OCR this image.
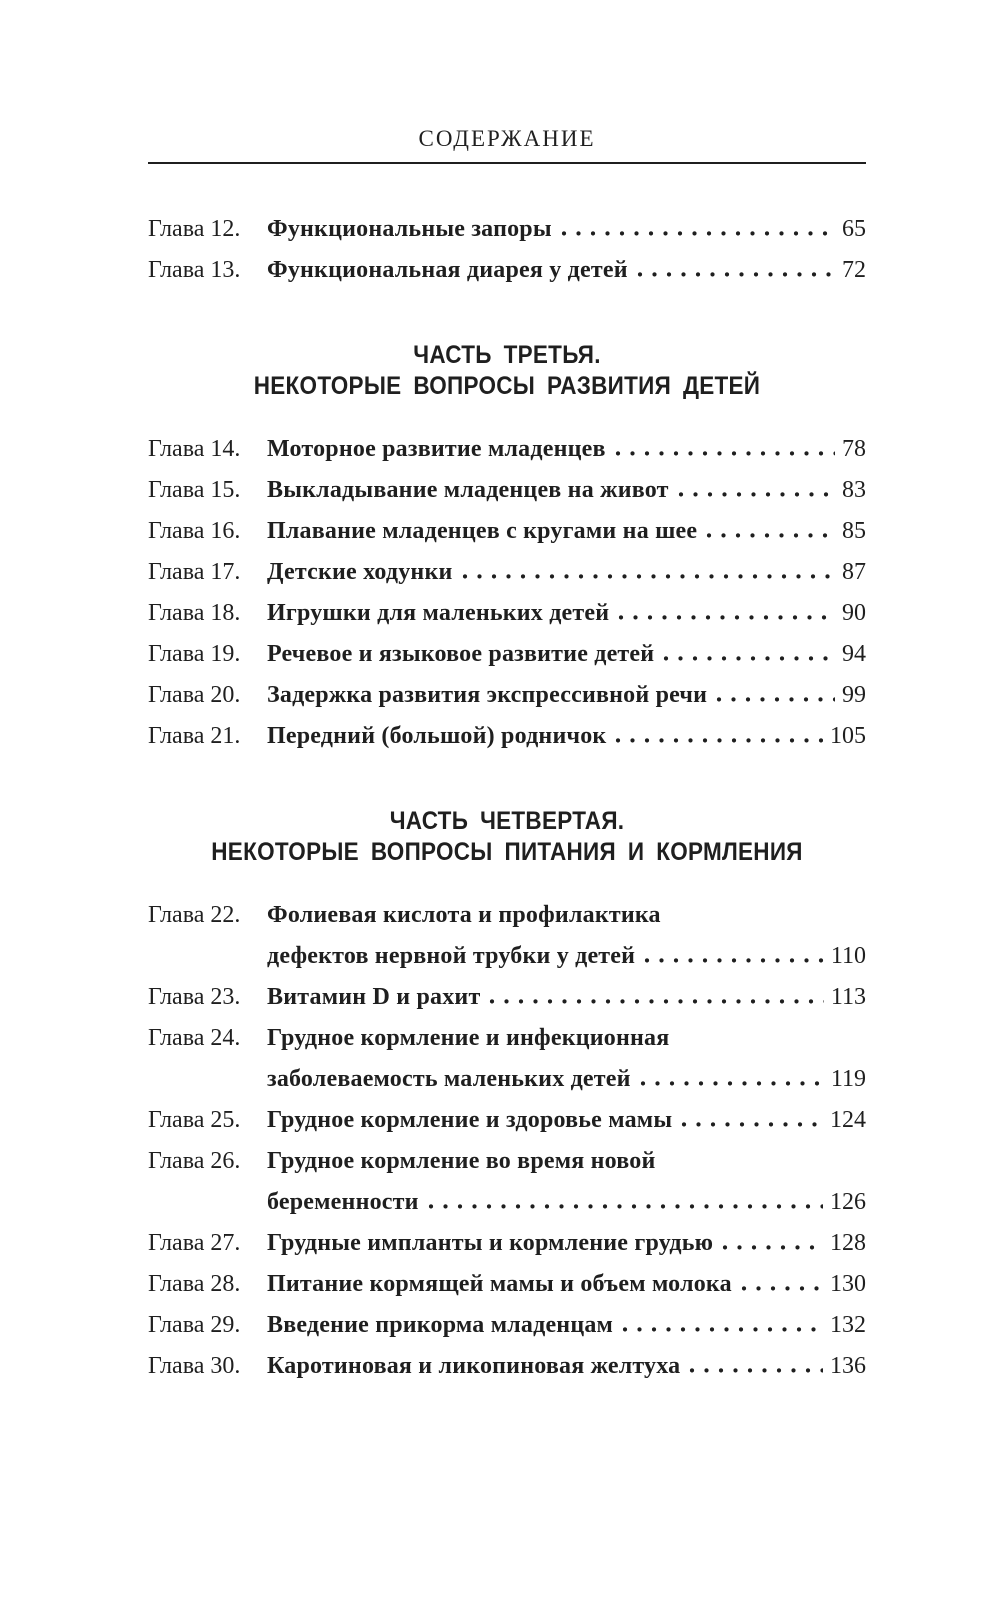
СОДЕРЖАНИЕ
Глава 12.	Функциональные запоры	65
Глава 13.	Функциональная диарея у детей	72
ЧАСТЬ ТРЕТЬЯ.
НЕКОТОРЫЕ ВОПРОСЫ РАЗВИТИЯ ДЕТЕЙ
Глава 14.	Моторное развитие младенцев	78
Глава 15.	Выкладывание младенцев на живот	83
Глава 16.	Плавание младенцев с кругами на шее	85
Глава 17.	Детские ходунки	87
Глава 18.	Игрушки для маленьких детей	90
Глава 19.	Речевое и языковое развитие детей	94
Глава 20.	Задержка развития экспрессивной речи	99
Глава 21.	Передний (большой) родничок	105
ЧАСТЬ ЧЕТВЕРТАЯ.
НЕКОТОРЫЕ ВОПРОСЫ ПИТАНИЯ И КОРМЛЕНИЯ
Глава 22.	Фолиевая кислота и профилактика
дефектов нервной трубки у детей	110
Глава 23.	Витамин D и рахит	113
Глава 24.	Грудное кормление и инфекционная
заболеваемость маленьких детей	119
Глава 25.	Грудное кормление и здоровье мамы	124
Глава 26.	Грудное кормление во время новой
беременности	126
Глава 27.	Грудные импланты и кормление грудью	128
Глава 28.	Питание кормящей мамы и объем молока	130
Глава 29.	Введение прикорма младенцам	132
Глава 30.	Каротиновая и ликопиновая желтуха	136
